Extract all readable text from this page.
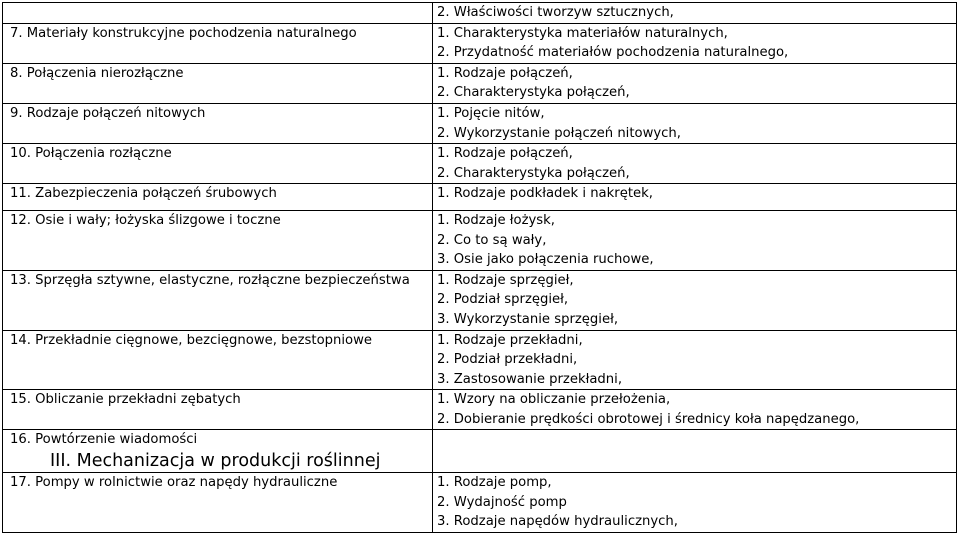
	2. Właściwości tworzyw sztucznych,

7. Materiały konstrukcyjne pochodzenia naturalnego	1. Charakterystyka materiałów naturalnych,
2. Przydatność materiałów pochodzenia naturalnego,

8. Połączenia nierozłączne	1. Rodzaje połączeń,
2. Charakterystyka połączeń,

9. Rodzaje połączeń nitowych	1. Pojęcie nitów,
2. Wykorzystanie połączeń nitowych,

10. Połączenia rozłączne	1. Rodzaje połączeń,
2. Charakterystyka połączeń,

11. Zabezpieczenia połączeń śrubowych	1. Rodzaje podkładek i nakrętek,

12. Osie i wały; łożyska ślizgowe i toczne	1. Rodzaje łożysk,
2. Co to są wały,
3. Osie jako połączenia ruchowe,

13. Sprzęgła sztywne, elastyczne, rozłączne bezpieczeństwa	1. Rodzaje sprzęgieł,
2. Podział sprzęgieł,
3. Wykorzystanie sprzęgieł,

14. Przekładnie cięgnowe, bezcięgnowe, bezstopniowe	1. Rodzaje przekładni,
2. Podział przekładni,
3. Zastosowanie przekładni,

15. Obliczanie przekładni zębatych	1. Wzory na obliczanie przełożenia,
2. Dobieranie prędkości obrotowej i średnicy koła napędzanego,

16. Powtórzenie wiadomości
III. Mechanizacja w produkcji roślinnej	

17. Pompy w rolnictwie oraz napędy hydrauliczne	1. Rodzaje pomp,
2. Wydajność pomp
3. Rodzaje napędów hydraulicznych,
